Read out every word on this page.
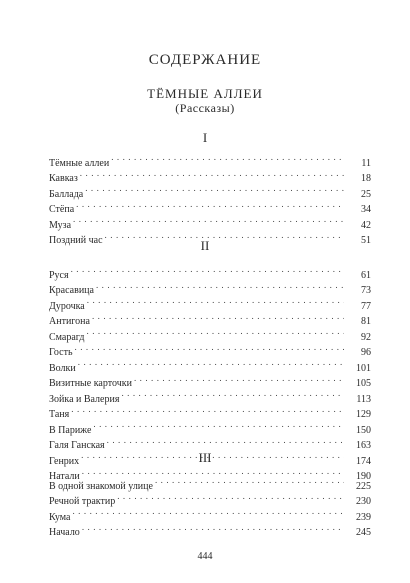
СОДЕРЖАНИЕ
ТЁМНЫЕ АЛЛЕИ
(Рассказы)
I
Тёмные аллеи . . .	11
Кавказ . . .	18
Баллада . . .	25
Стёпа . . .	34
Муза . . .	42
Поздний час . . .	51
II
Руся . . .	61
Красавица . . .	73
Дурочка . . .	77
Антигона . . .	81
Смарагд . . .	92
Гость . . .	96
Волки . . .	101
Визитные карточки . . .	105
Зойка и Валерия . . .	113
Таня . . .	129
В Париже . . .	150
Галя Ганская . . .	163
Генрих . . .	174
Натали . . .	190
III
В одной знакомой улице . . .	225
Речной трактир . . .	230
Кума . . .	239
Начало . . .	245
444
